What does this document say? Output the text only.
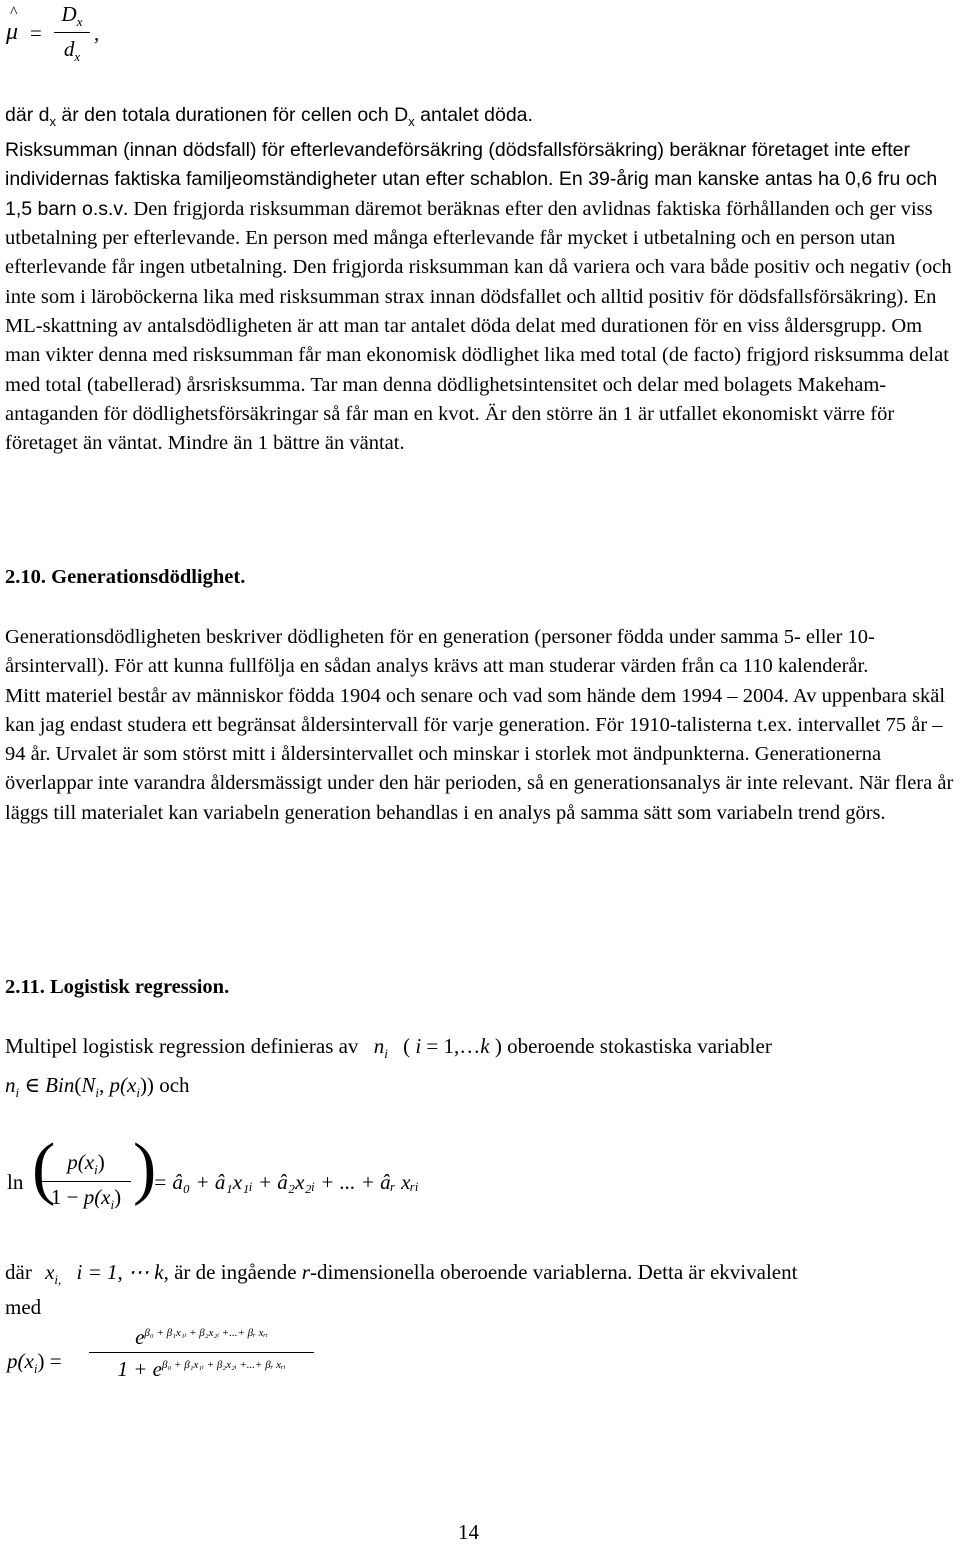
^
μ =
$D_x$
$d_x$
,
där $d_x$ är den totala durationen för cellen och $D_x$ antalet döda.
Risksumman (innan dödsfall) för efterlevandeförsäkring (dödsfallsförsäkring) beräknar företaget inte efter individernas faktiska familjeomständigheter utan efter schablon. En 39-årig man kanske antas ha 0,6 fru och 1,5 barn o.s.v. Den frigjorda risksumman däremot beräknas efter den avlidnas faktiska förhållanden och ger viss utbetalning per efterlevande. En person med många efterlevande får mycket i utbetalning och en person utan efterlevande får ingen utbetalning. Den frigjorda risksumman kan då variera och vara både positiv och negativ (och inte som i läroböckerna lika med risksumman strax innan dödsfallet och alltid positiv för dödsfallsförsäkring). En ML-skattning av antalsdödligheten är att man tar antalet döda delat med durationen för en viss åldersgrupp. Om man vikter denna med risksumman får man ekonomisk dödlighet lika med total (de facto) frigjord risksumma delat med total (tabellerad) årsrisksumma. Tar man denna dödlighetsintensitet och delar med bolagets Makeham-antaganden för dödlighetsförsäkringar så får man en kvot. Är den större än 1 är utfallet ekonomiskt värre för företaget än väntat. Mindre än 1 bättre än väntat.
2.10. Generationsdödlighet.

Generationsdödligheten beskriver dödligheten för en generation (personer födda under samma 5- eller 10-årsintervall). För att kunna fullfölja en sådan analys krävs att man studerar värden från ca 110 kalenderår.

Mitt materiel består av människor födda 1904 och senare och vad som hände dem 1994 – 2004. Av uppenbara skäl kan jag endast studera ett begränsat åldersintervall för varje generation. För 1910-talisterna t.ex. intervallet 75 år – 94 år. Urvalet är som störst mitt i åldersintervallet och minskar i storlek mot ändpunkterna. Generationerna överlappar inte varandra åldersmässigt under den här perioden, så en generationsanalys är inte relevant. När flera år läggs till materialet kan variabeln generation behandlas i en analys på samma sätt som variabeln trend görs.

2.11. Logistisk regression.
Multipel logistisk regression definieras av $n_i$ ( i = 1,…k ) oberoende stokastiska variabler
$n_i$ ∈ $Bin(N_i$, $p(x_i)$) och
ln ( $p(x_i)$
$1 - p(x_i)$ )
= â₀ + â₁x₁ᵢ + â₂x₂ᵢ + ... + âᵣ xᵣᵢ
där $x_{i,}$ i = 1, ⋯ k, är de ingående r-dimensionella oberoende variablerna. Detta är ekvivalent
med
$p(x_i)$ =
$e^{\beta_0 + \beta_1x_1ᵢ + \beta_2x_2ᵢ +...+ \beta ᵣ xᵣᵢ}$
$1 + e^{\beta_0 + \beta_1x_1ᵢ + \beta_2x_2ᵢ +...+ \beta ᵣ xᵣᵢ}$
14
